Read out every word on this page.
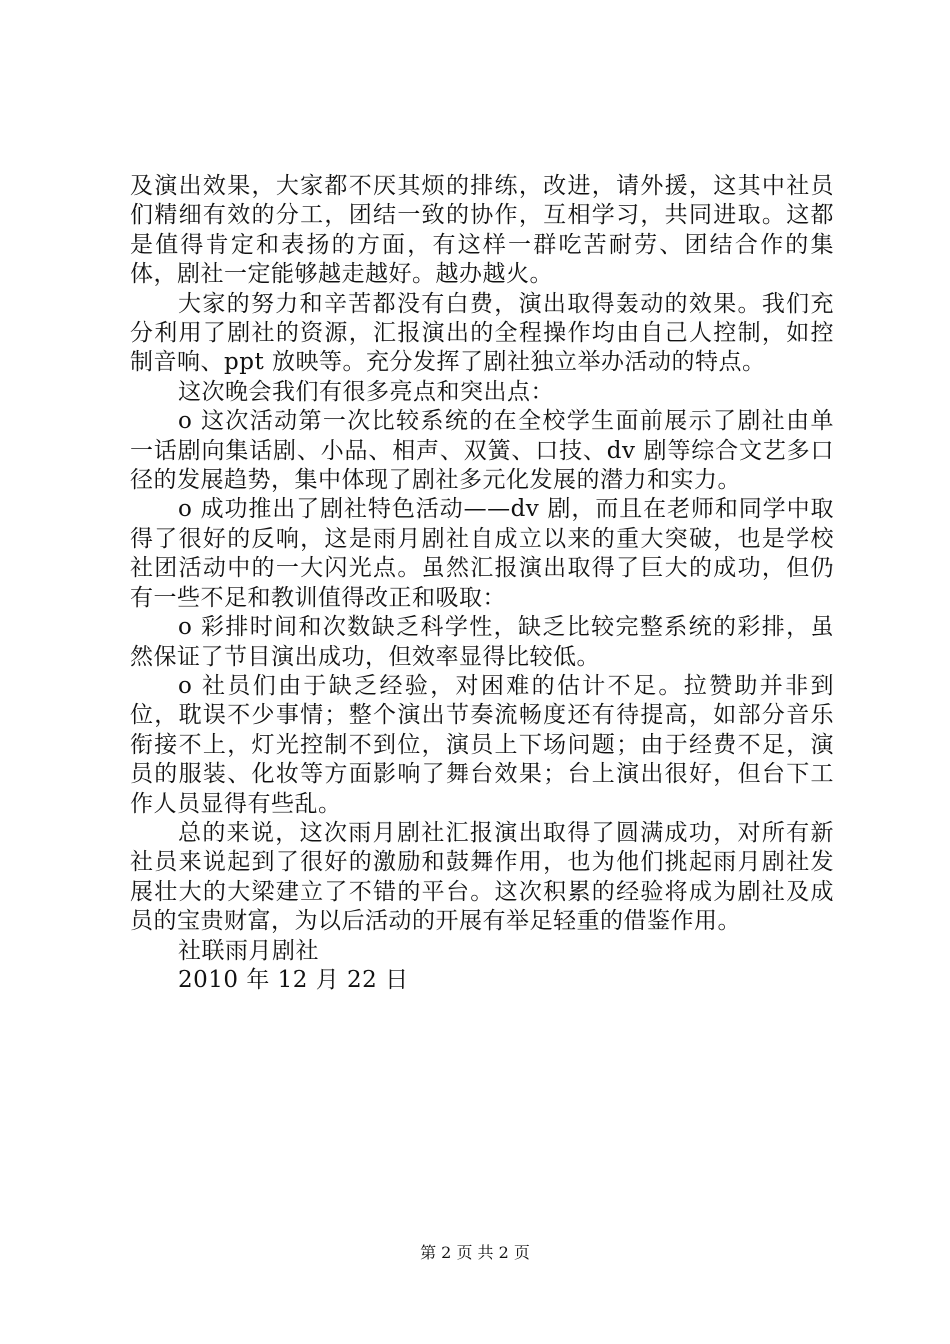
及演出效果，大家都不厌其烦的排练，改进，请外援，这其中社员们精细有效的分工，团结一致的协作，互相学习，共同进取。这都是值得肯定和表扬的方面，有这样一群吃苦耐劳、团结合作的集体，剧社一定能够越走越好。越办越火。

大家的努力和辛苦都没有白费，演出取得轰动的效果。我们充分利用了剧社的资源，汇报演出的全程操作均由自己人控制，如控制音响、ppt 放映等。充分发挥了剧社独立举办活动的特点。

这次晚会我们有很多亮点和突出点：

o 这次活动第一次比较系统的在全校学生面前展示了剧社由单一话剧向集话剧、小品、相声、双簧、口技、dv 剧等综合文艺多口径的发展趋势，集中体现了剧社多元化发展的潜力和实力。

o 成功推出了剧社特色活动——dv 剧，而且在老师和同学中取得了很好的反响，这是雨月剧社自成立以来的重大突破，也是学校社团活动中的一大闪光点。虽然汇报演出取得了巨大的成功，但仍有一些不足和教训值得改正和吸取：

o 彩排时间和次数缺乏科学性，缺乏比较完整系统的彩排，虽然保证了节目演出成功，但效率显得比较低。

o 社员们由于缺乏经验，对困难的估计不足。拉赞助并非到位，耽误不少事情；整个演出节奏流畅度还有待提高，如部分音乐衔接不上，灯光控制不到位，演员上下场问题；由于经费不足，演员的服装、化妆等方面影响了舞台效果；台上演出很好，但台下工作人员显得有些乱。

总的来说，这次雨月剧社汇报演出取得了圆满成功，对所有新社员来说起到了很好的激励和鼓舞作用，也为他们挑起雨月剧社发展壮大的大梁建立了不错的平台。这次积累的经验将成为剧社及成员的宝贵财富，为以后活动的开展有举足轻重的借鉴作用。

社联雨月剧社

2010 年 12 月 22 日

第 2 页 共 2 页
